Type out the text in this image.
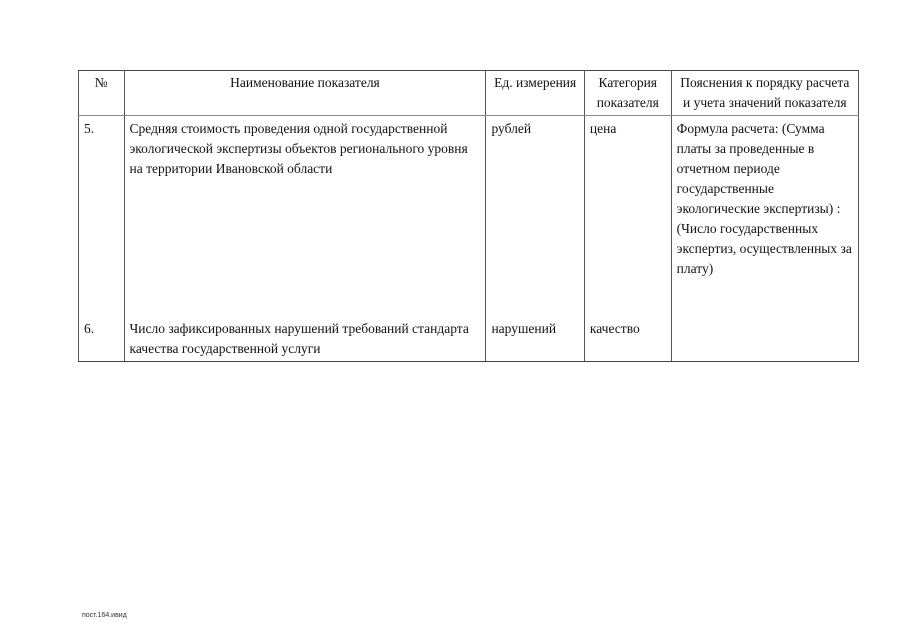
№	Наименование показателя	Ед. измерения	Категория показателя	Пояснения к порядку расчета и учета значений показателя
5.	Средняя стоимость проведения одной государственной экологической экспертизы объектов регионального уровня на территории Ивановской области	рублей	цена	Формула расчета: (Сумма платы за проведенные в отчетном периоде государственные экологические экспертизы) : (Число государственных экспертиз, осуществленных за плату)
6.	Число зафиксированных нарушений требований стандарта качества государственной услуги	нарушений	качество	
пост.164.ивид
